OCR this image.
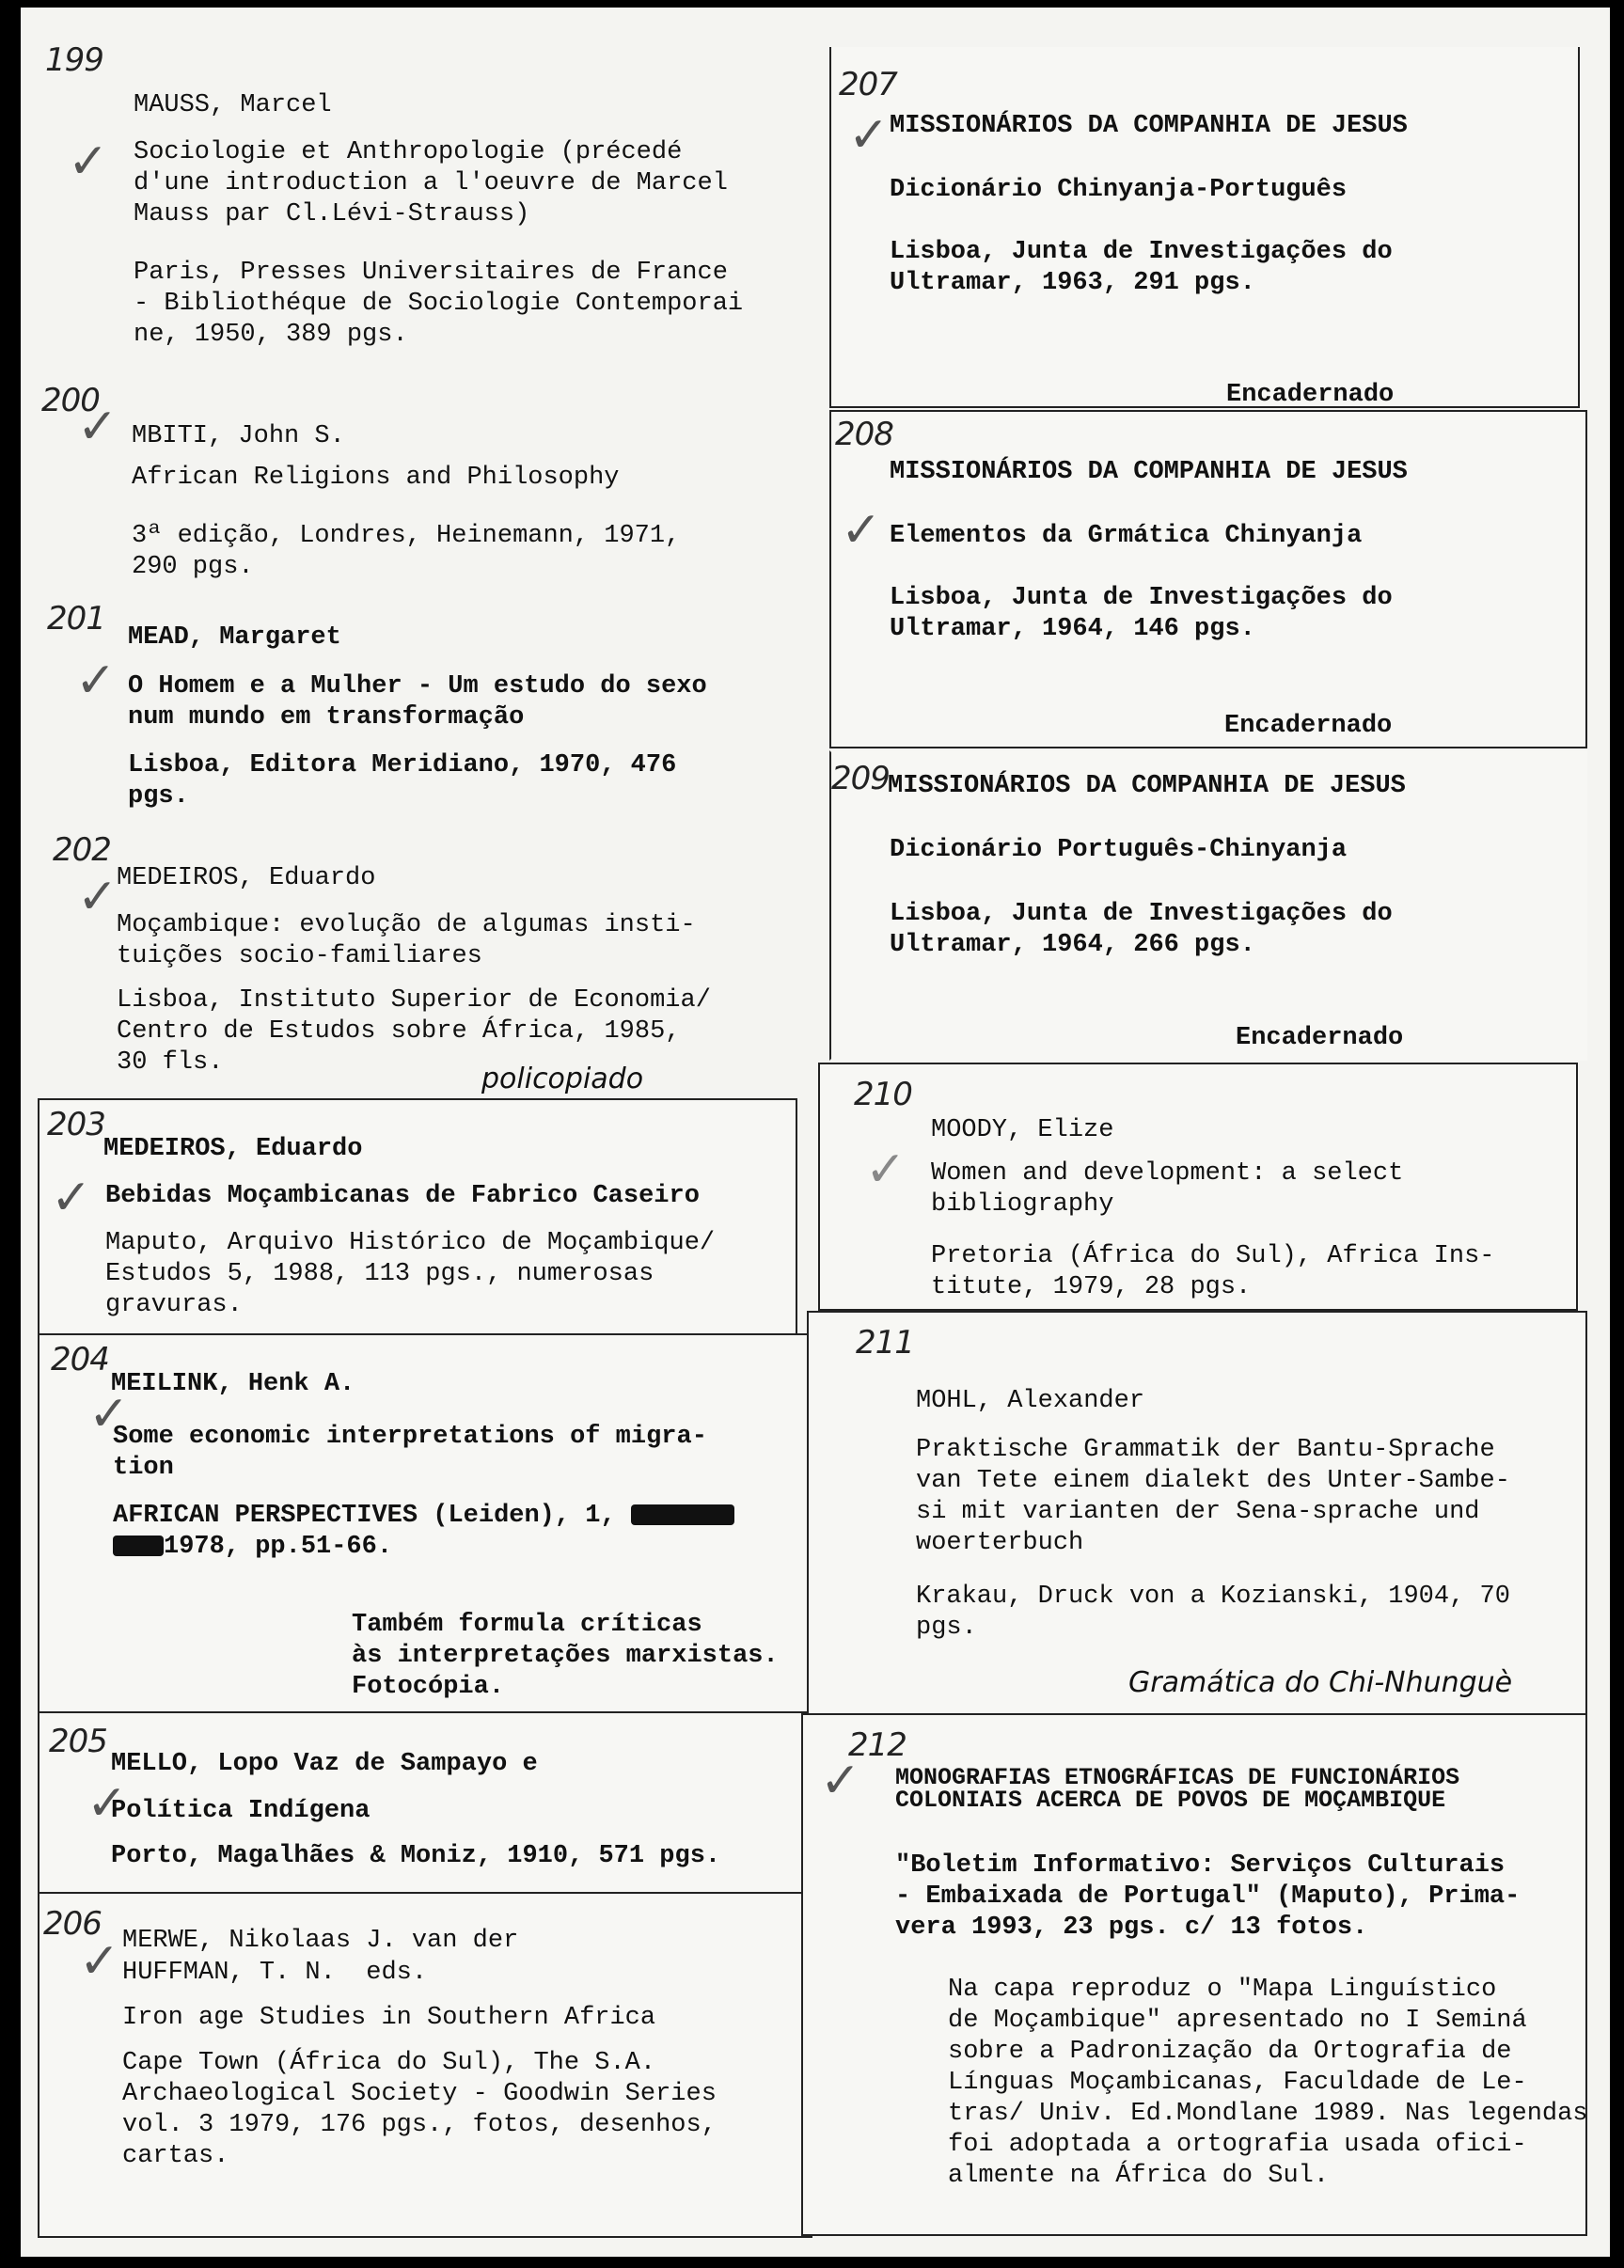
199
✓
MAUSS, Marcel
Sociologie et Anthropologie (précedé
d'une introduction a l'oeuvre de Marcel
Mauss par Cl.Lévi-Strauss)
Paris, Presses Universitaires de France
- Bibliothéque de Sociologie Contemporai
ne, 1950, 389 pgs.
200
✓ MBITI, John S.
African Religions and Philosophy
3ª edição, Londres, Heinemann, 1971,
290 pgs.
201
✓
MEAD, Margaret
O Homem e a Mulher - Um estudo do sexo
num mundo em transformação
Lisboa, Editora Meridiano, 1970, 476
pgs.
202
✓
MEDEIROS, Eduardo
Moçambique: evolução de algumas insti-
tuições socio-familiares
Lisboa, Instituto Superior de Economia/
Centro de Estudos sobre África, 1985,
30 fls.	policopiado
203
✓
MEDEIROS, Eduardo
Bebidas Moçambicanas de Fabrico Caseiro
Maputo, Arquivo Histórico de Moçambique/
Estudos 5, 1988, 113 pgs., numerosas
gravuras.
204
✓
MEILINK, Henk A.
Some economic interpretations of migra-
tion
AFRICAN PERSPECTIVES (Leiden), 1,
1978, pp.51-66.
Também formula críticas
às interpretações marxistas.
Fotocópia.
205
✓
MELLO, Lopo Vaz de Sampayo e
Política Indígena
Porto, Magalhães & Moniz, 1910, 571 pgs.
206
✓ MERWE, Nikolaas J. van der
HUFFMAN, T. N.  eds.
Iron age Studies in Southern Africa
Cape Town (África do Sul), The S.A.
Archaeological Society - Goodwin Series
vol. 3 1979, 176 pgs., fotos, desenhos,
cartas.
207
✓ MISSIONÁRIOS DA COMPANHIA DE JESUS
Dicionário Chinyanja-Português
Lisboa, Junta de Investigações do
Ultramar, 1963, 291 pgs.
Encadernado
208
✓
MISSIONÁRIOS DA COMPANHIA DE JESUS
Elementos da Grmática Chinyanja
Lisboa, Junta de Investigações do
Ultramar, 1964, 146 pgs.
Encadernado
209
MISSIONÁRIOS DA COMPANHIA DE JESUS
Dicionário Português-Chinyanja
Lisboa, Junta de Investigações do
Ultramar, 1964, 266 pgs.
Encadernado
210
✓
MOODY, Elize
Women and development: a select
bibliography
Pretoria (África do Sul), Africa Ins-
titute, 1979, 28 pgs.
211
MOHL, Alexander
Praktische Grammatik der Bantu-Sprache
van Tete einem dialekt des Unter-Sambe-
si mit varianten der Sena-sprache und
woerterbuch
Krakau, Druck von a Kozianski, 1904, 70
pgs.
Gramática do Chi-Nhunguè
212
✓ MONOGRAFIAS ETNOGRÁFICAS DE FUNCIONÁRIOS
COLONIAIS ACERCA DE POVOS DE MOÇAMBIQUE
"Boletim Informativo: Serviços Culturais
- Embaixada de Portugal" (Maputo), Prima-
vera 1993, 23 pgs. c/ 13 fotos.
Na capa reproduz o "Mapa Linguístico
de Moçambique" apresentado no I Seminá
sobre a Padronização da Ortografia de
Línguas Moçambicanas, Faculdade de Le-
tras/ Univ. Ed.Mondlane 1989. Nas legendas
foi adoptada a ortografia usada ofici-
almente na África do Sul.
